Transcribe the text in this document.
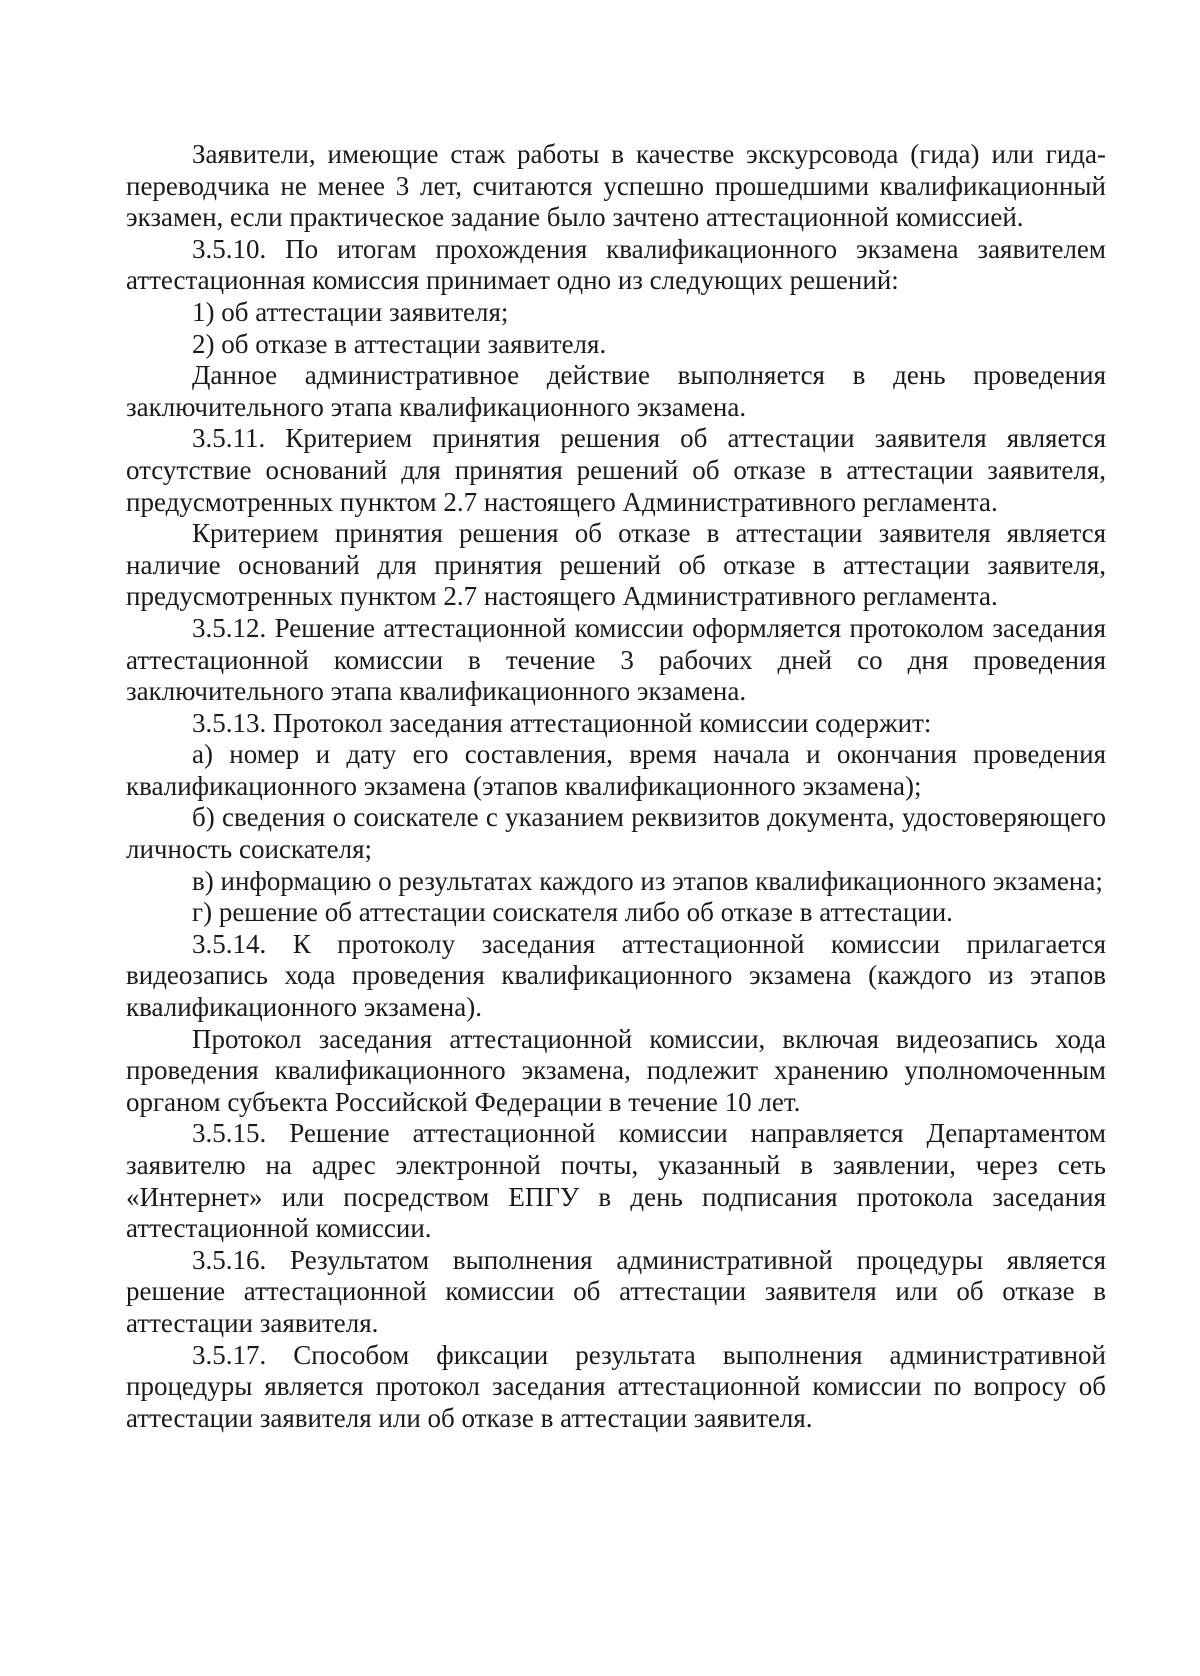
Заявители, имеющие стаж работы в качестве экскурсовода (гида) или гида-переводчика не менее 3 лет, считаются успешно прошедшими квалификационный экзамен, если практическое задание было зачтено аттестационной комиссией.

3.5.10. По итогам прохождения квалификационного экзамена заявителем аттестационная комиссия принимает одно из следующих решений:

1) об аттестации заявителя;

2) об отказе в аттестации заявителя.

Данное административное действие выполняется в день проведения заключительного этапа квалификационного экзамена.

3.5.11. Критерием принятия решения об аттестации заявителя является отсутствие оснований для принятия решений об отказе в аттестации заявителя, предусмотренных пунктом 2.7 настоящего Административного регламента.

Критерием принятия решения об отказе в аттестации заявителя является наличие оснований для принятия решений об отказе в аттестации заявителя, предусмотренных пунктом 2.7 настоящего Административного регламента.

3.5.12. Решение аттестационной комиссии оформляется протоколом заседания аттестационной комиссии в течение 3 рабочих дней со дня проведения заключительного этапа квалификационного экзамена.

3.5.13. Протокол заседания аттестационной комиссии содержит:

а) номер и дату его составления, время начала и окончания проведения квалификационного экзамена (этапов квалификационного экзамена);

б) сведения о соискателе с указанием реквизитов документа, удостоверяющего личность соискателя;

в) информацию о результатах каждого из этапов квалификационного экзамена;

г) решение об аттестации соискателя либо об отказе в аттестации.

3.5.14. К протоколу заседания аттестационной комиссии прилагается видеозапись хода проведения квалификационного экзамена (каждого из этапов квалификационного экзамена).

Протокол заседания аттестационной комиссии, включая видеозапись хода проведения квалификационного экзамена, подлежит хранению уполномоченным органом субъекта Российской Федерации в течение 10 лет.

3.5.15. Решение аттестационной комиссии направляется Департаментом заявителю на адрес электронной почты, указанный в заявлении, через сеть «Интернет» или посредством ЕПГУ в день подписания протокола заседания аттестационной комиссии.

3.5.16. Результатом выполнения административной процедуры является решение аттестационной комиссии об аттестации заявителя или об отказе в аттестации заявителя.

3.5.17. Способом фиксации результата выполнения административной процедуры является протокол заседания аттестационной комиссии по вопросу об аттестации заявителя или об отказе в аттестации заявителя.
